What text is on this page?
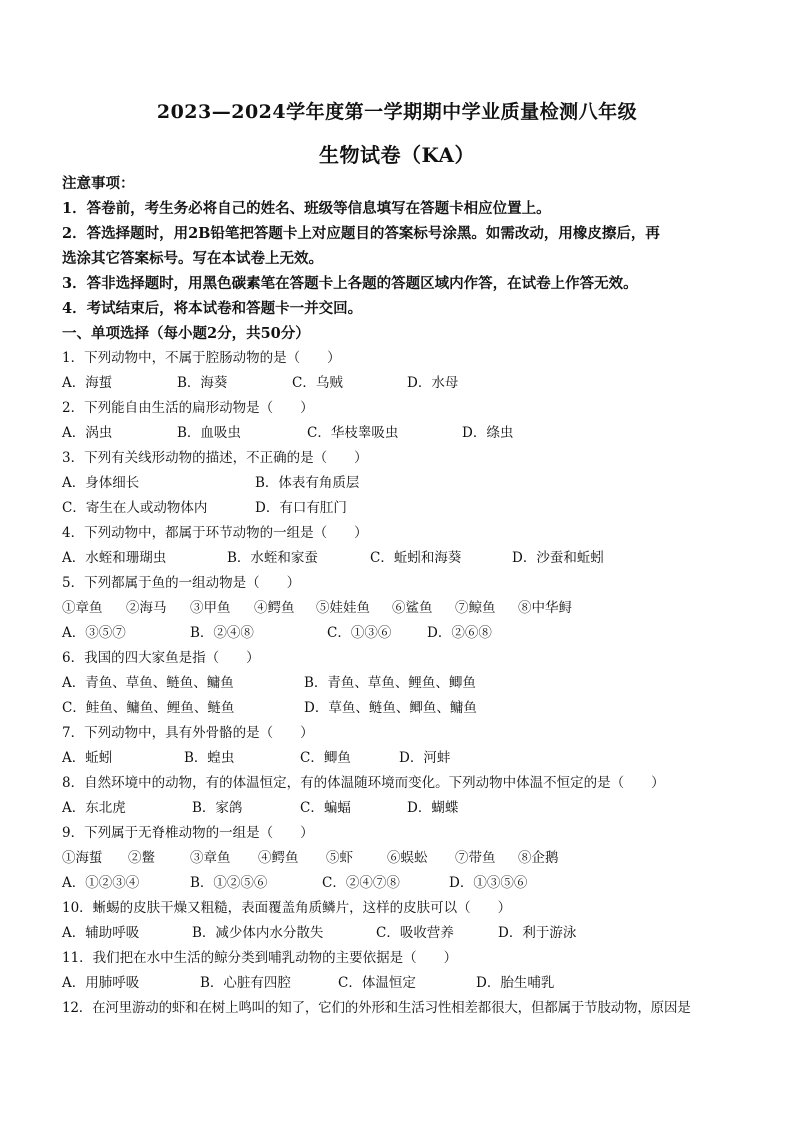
2023—2024学年度第一学期期中学业质量检测八年级
生物试卷（KA）

注意事项：

1．答卷前，考生务必将自己的姓名、班级等信息填写在答题卡相应位置上。

2．答选择题时，用2B铅笔把答题卡上对应题目的答案标号涂黑。如需改动，用橡皮擦后，再

选涂其它答案标号。写在本试卷上无效。

3．答非选择题时，用黑色碳素笔在答题卡上各题的答题区域内作答，在试卷上作答无效。

4．考试结束后，将本试卷和答题卡一并交回。

一、单项选择（每小题2分，共50分）
1．下列动物中，不属于腔肠动物的是（　　）
A．海蜇	B．海葵	C．乌贼	D．水母
2．下列能自由生活的扁形动物是（　　）
A．涡虫	B．血吸虫	C．华枝睾吸虫	D．绦虫
3．下列有关线形动物的描述，不正确的是（　　）
A．身体细长	B．体表有角质层
C．寄生在人或动物体内	D．有口有肛门
4．下列动物中，都属于环节动物的一组是（　　）
A．水蛭和珊瑚虫	B．水蛭和家蚕	C．蚯蚓和海葵	D．沙蚕和蚯蚓
5．下列都属于鱼的一组动物是（　　）
①章鱼 ②海马 ③甲鱼 ④鳄鱼 ⑤娃娃鱼 ⑥鲨鱼 ⑦鲸鱼 ⑧中华鲟
A．③⑤⑦	B．②④⑧	C．①③⑥	D．②⑥⑧
6．我国的四大家鱼是指（　　）
A．青鱼、草鱼、鲢鱼、鳙鱼	B．青鱼、草鱼、鲤鱼、鲫鱼
C．鲑鱼、鳙鱼、鲤鱼、鲢鱼	D．草鱼、鲢鱼、鲫鱼、鳙鱼
7．下列动物中，具有外骨骼的是（　　）
A．蚯蚓	B．蝗虫	C．鲫鱼	D．河蚌
8．自然环境中的动物，有的体温恒定，有的体温随环境而变化。下列动物中体温不恒定的是（　　）
A．东北虎	B．家鸽	C．蝙蝠	D．蝴蝶
9．下列属于无脊椎动物的一组是（　　）
①海蜇 ②鳖	③章鱼 ④鳄鱼 ⑤虾	⑥蜈蚣 ⑦带鱼 ⑧企鹅
A．①②③④	B．①②⑤⑥	C．②④⑦⑧	D．①③⑤⑥
10．蜥蜴的皮肤干燥又粗糙，表面覆盖角质鳞片，这样的皮肤可以（　　）
A．辅助呼吸	B．减少体内水分散失	C．吸收营养	D．利于游泳
11．我们把在水中生活的鲸分类到哺乳动物的主要依据是（　　）
A．用肺呼吸	B．心脏有四腔	C．体温恒定	D．胎生哺乳
12．在河里游动的虾和在树上鸣叫的知了，它们的外形和生活习性相差都很大，但都属于节肢动物，原因是
